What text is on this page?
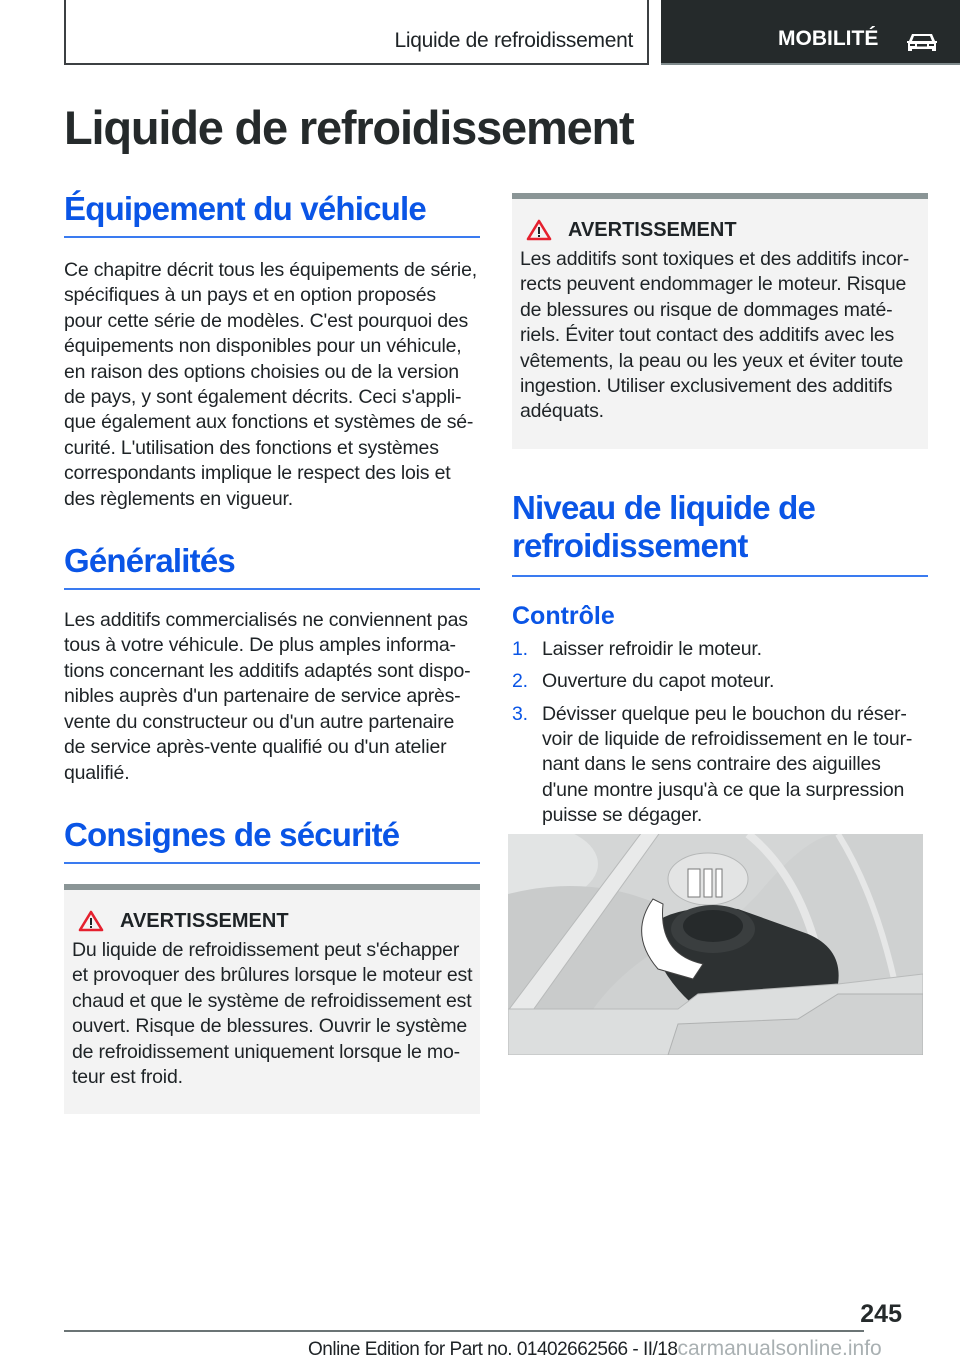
Liquide de refroidissement	MOBILITÉ
Liquide de refroidissement
Équipement du véhicule
Ce chapitre décrit tous les équipements de série,
spécifiques à un pays et en option proposés
pour cette série de modèles. C'est pourquoi des
équipements non disponibles pour un véhicule,
en raison des options choisies ou de la version
de pays, y sont également décrits. Ceci s'appli-
que également aux fonctions et systèmes de sé-
curité. L'utilisation des fonctions et systèmes
correspondants implique le respect des lois et
des règlements en vigueur.
Généralités
Les additifs commercialisés ne conviennent pas
tous à votre véhicule. De plus amples informa-
tions concernant les additifs adaptés sont dispo-
nibles auprès d'un partenaire de service après-
vente du constructeur ou d'un autre partenaire
de service après-vente qualifié ou d'un atelier
qualifié.
Consignes de sécurité
AVERTISSEMENT
Du liquide de refroidissement peut s'échapper
et provoquer des brûlures lorsque le moteur est
chaud et que le système de refroidissement est
ouvert. Risque de blessures. Ouvrir le système
de refroidissement uniquement lorsque le mo-
teur est froid.
AVERTISSEMENT
Les additifs sont toxiques et des additifs incor-
rects peuvent endommager le moteur. Risque
de blessures ou risque de dommages maté-
riels. Éviter tout contact des additifs avec les
vêtements, la peau ou les yeux et éviter toute
ingestion. Utiliser exclusivement des additifs
adéquats.
Niveau de liquide de
refroidissement
Contrôle
1. Laisser refroidir le moteur.
2. Ouverture du capot moteur.
3. Dévisser quelque peu le bouchon du réser-
voir de liquide de refroidissement en le tour-
nant dans le sens contraire des aiguilles
d'une montre jusqu'à ce que la surpression
puisse se dégager.
245
Online Edition for Part no. 01402662566 - II/18carmanualsonline.info
